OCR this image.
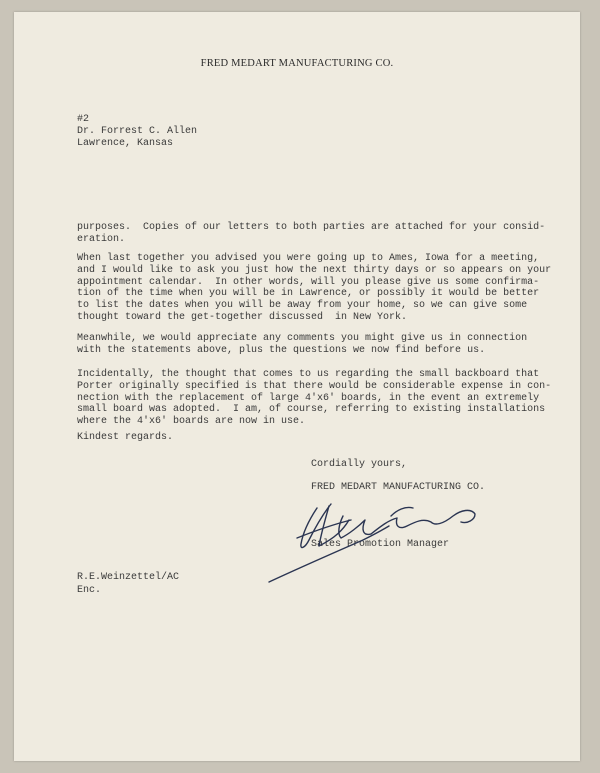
FRED MEDART MANUFACTURING CO.
#2
Dr. Forrest C. Allen
Lawrence, Kansas
purposes.  Copies of our letters to both parties are attached for your consid-
eration.
When last together you advised you were going up to Ames, Iowa for a meeting,
and I would like to ask you just how the next thirty days or so appears on your
appointment calendar.  In other words, will you please give us some confirma-
tion of the time when you will be in Lawrence, or possibly it would be better
to list the dates when you will be away from your home, so we can give some
thought toward the get-together discussed  in New York.
Meanwhile, we would appreciate any comments you might give us in connection
with the statements above, plus the questions we now find before us.
Incidentally, the thought that comes to us regarding the small backboard that
Porter originally specified is that there would be considerable expense in con-
nection with the replacement of large 4'x6' boards, in the event an extremely
small board was adopted.  I am, of course, referring to existing installations
where the 4'x6' boards are now in use.
Kindest regards.
Cordially yours,
FRED MEDART MANUFACTURING CO.
Sales Promotion Manager
R.E.Weinzettel/AC
Enc.
